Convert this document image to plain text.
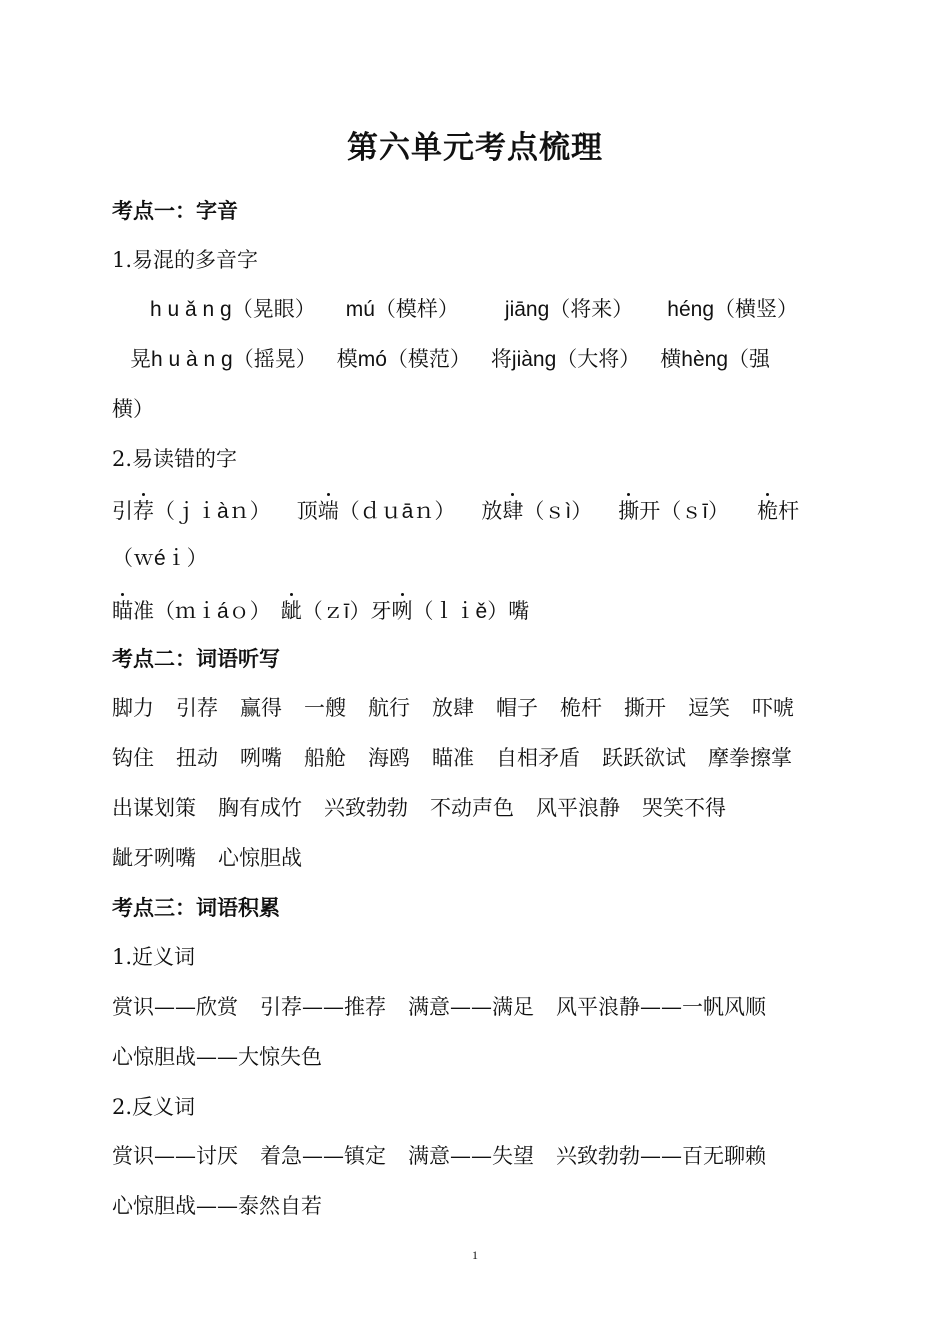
第六单元考点梳理
考点一：字音
1.易混的多音字
h u ǎ n g（晃眼） mú（模样） jiāng（将来） héng（横竖）
晃h u à n g（摇晃） 模mó（模范） 将jiàng（大将） 横hèng（强
横）
2.易读错的字
引荐（ｊｉàｎ） 顶端（ｄｕāｎ） 放肆（ｓì） 撕开（ｓī） 桅杆
（ｗéｉ）
瞄准（ｍｉáｏ） 龇（ｚī）牙咧（ｌｉě）嘴
考点二：词语听写
脚力 引荐 赢得 一艘 航行 放肆 帽子 桅杆 撕开 逗笑 吓唬
钩住 扭动 咧嘴 船舱 海鸥 瞄准 自相矛盾 跃跃欲试 摩拳擦掌
出谋划策 胸有成竹 兴致勃勃 不动声色 风平浪静 哭笑不得
龇牙咧嘴 心惊胆战
考点三：词语积累
1.近义词
赏识——欣赏 引荐——推荐 满意——满足 风平浪静——一帆风顺
心惊胆战——大惊失色
2.反义词
赏识——讨厌 着急——镇定 满意——失望 兴致勃勃——百无聊赖
心惊胆战——泰然自若
1
